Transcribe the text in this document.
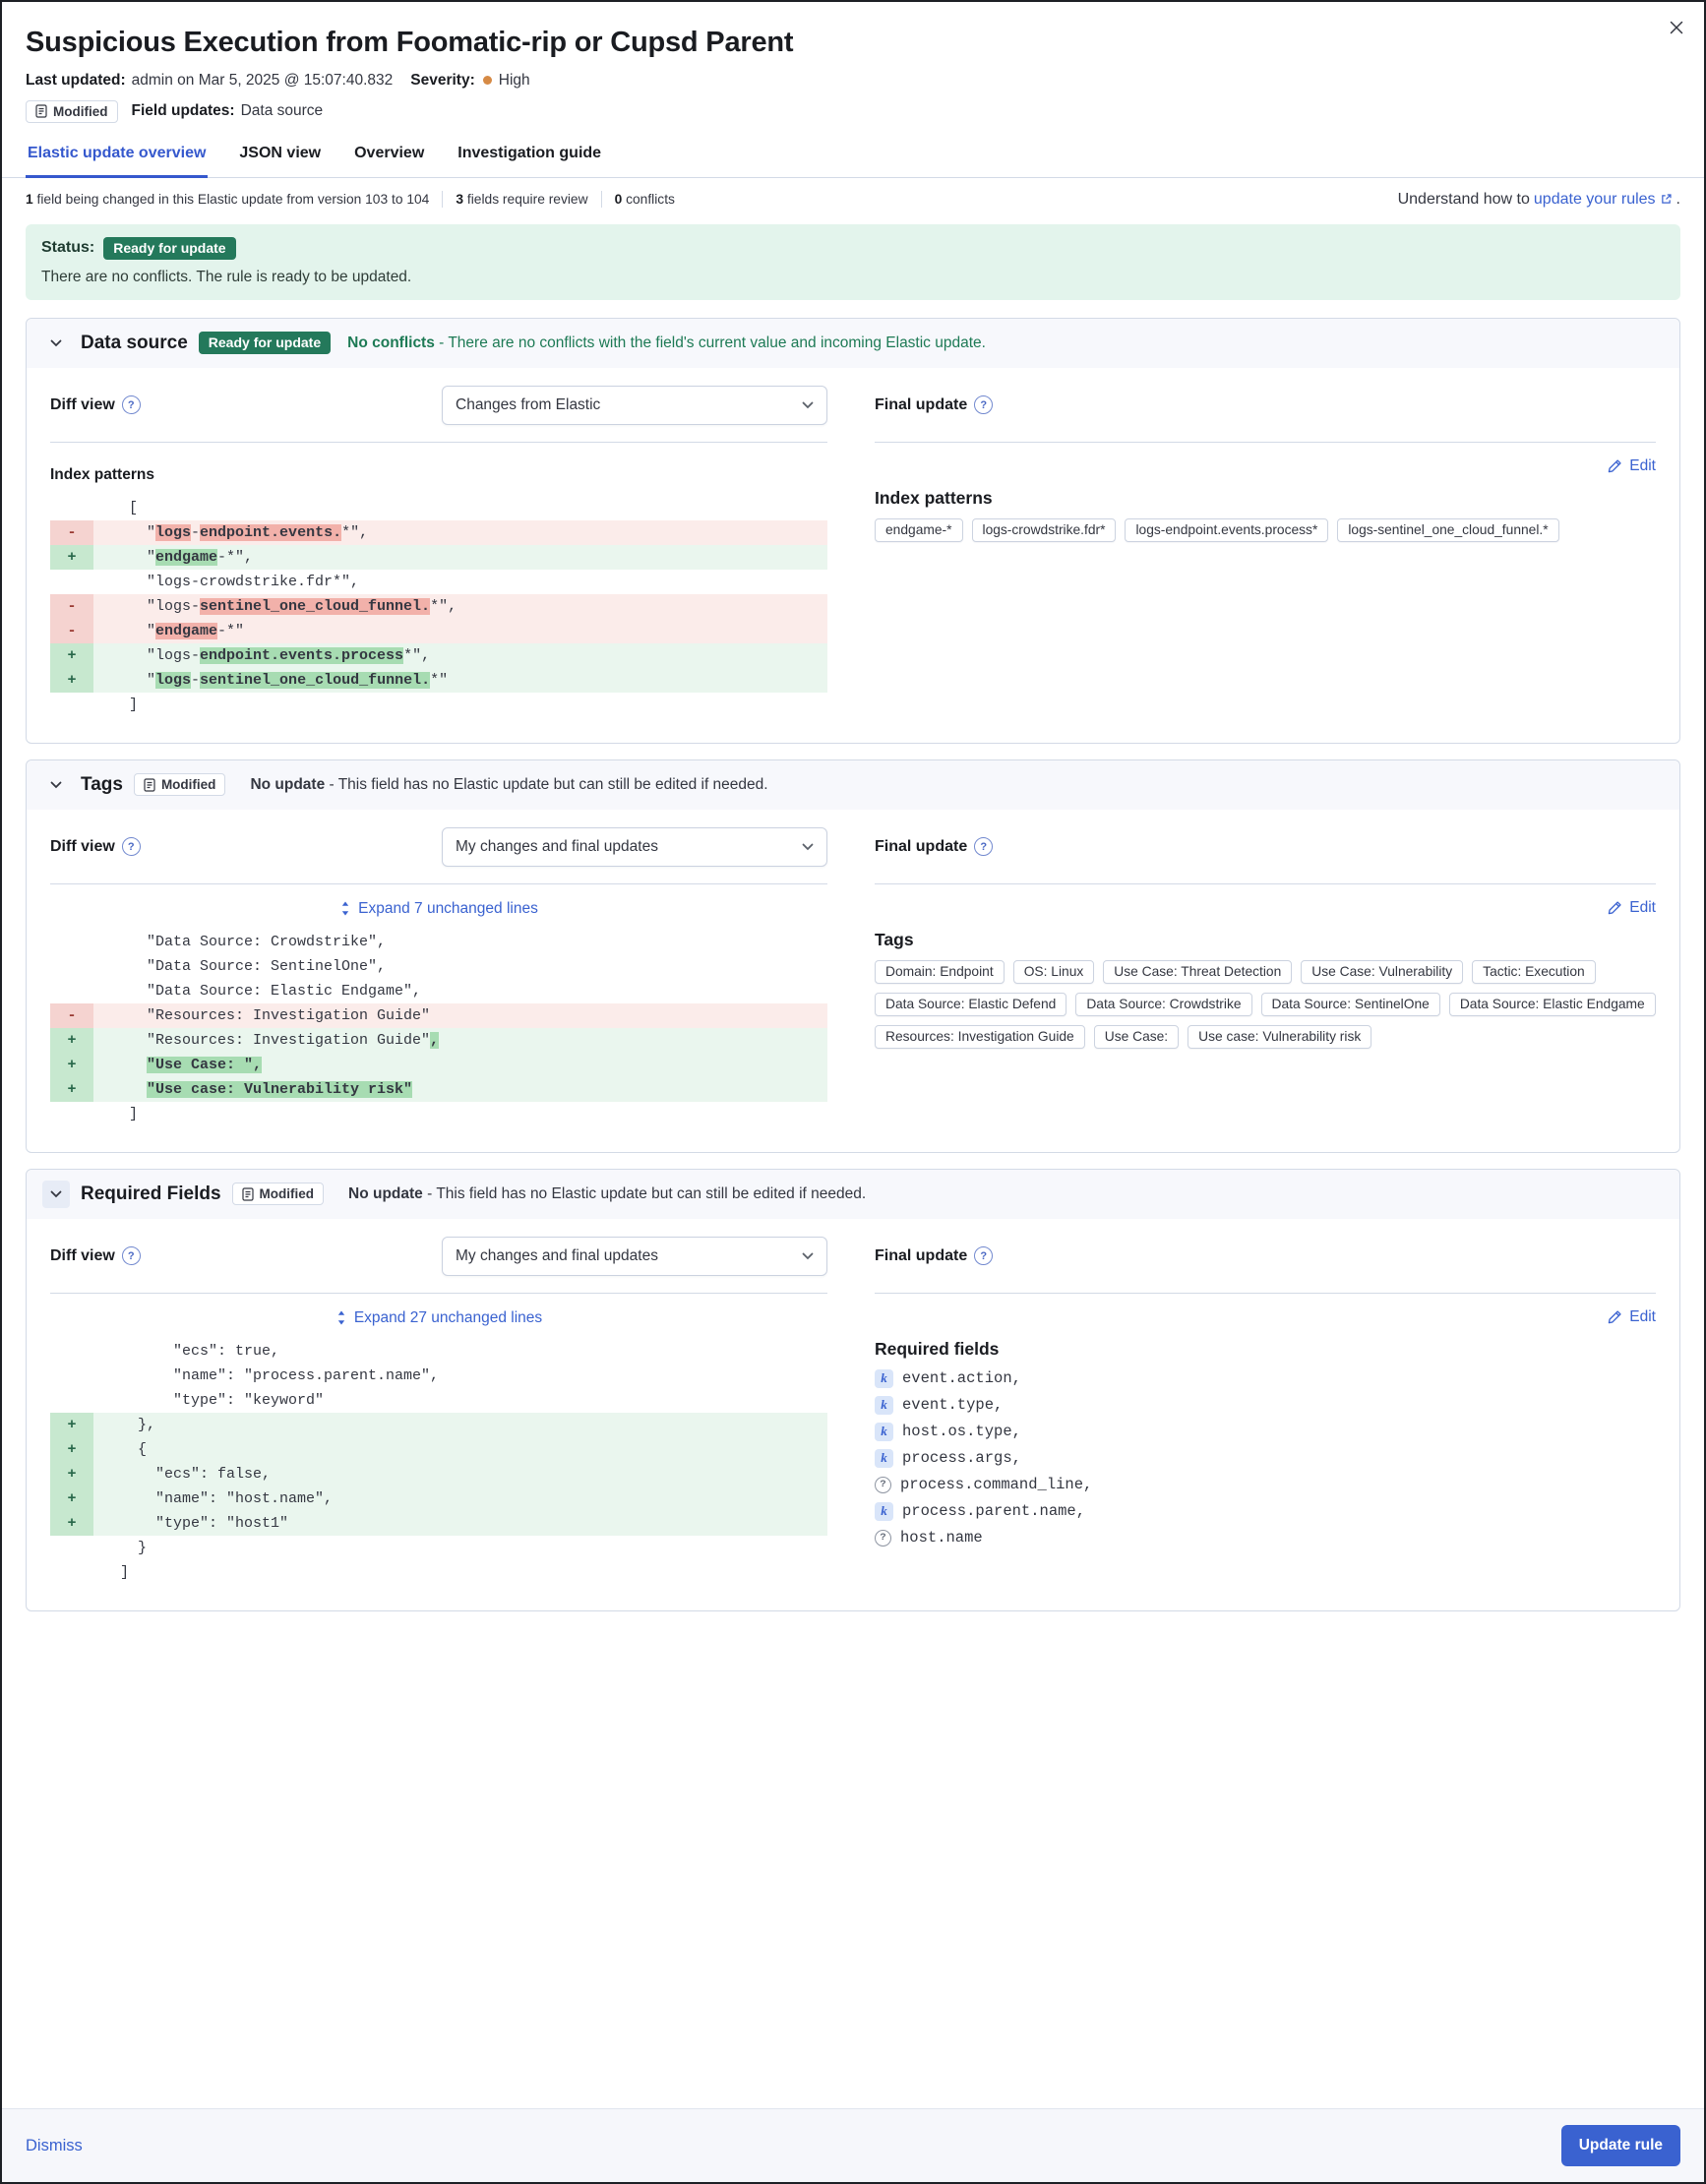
Suspicious Execution from Foomatic-rip or Cupsd Parent
Last updated: admin on Mar 5, 2025 @ 15:07:40.832 Severity: High
Modified Field updates: Data source
Elastic update overview JSON view Overview Investigation guide
1 field being changed in this Elastic update from version 103 to 104 3 fields require review 0 conflicts	Understand how to update your rules .
Status:	Ready for update

There are no conflicts. The rule is ready to be updated.

Data source	Ready for update	No conflicts - There are no conflicts with the field's current value and incoming Elastic update.
Diff view ?	Changes from Elastic
Index patterns
[
-	"logs-endpoint.events.*",
+	"endgame-*",
"logs-crowdstrike.fdr*",
-	"logs-sentinel_one_cloud_funnel.*",
-	"endgame-*"
+	"logs-endpoint.events.process*",
+	"logs-sentinel_one_cloud_funnel.*"
]
Final update
?
Edit
Index patterns
endgame-*	logs-crowdstrike.fdr*	logs-endpoint.events.process*	logs-sentinel_one_cloud_funnel.*
Tags	Modified No update - This field has no Elastic update but can still be edited if needed.
Diff view ?	My changes and final updates
Expand 7 unchanged lines
"Data Source: Crowdstrike",
"Data Source: SentinelOne",
"Data Source: Elastic Endgame",
-	"Resources: Investigation Guide"
+	"Resources: Investigation Guide",
+	"Use Case: ",
+	"Use case: Vulnerability risk"
]
Final update
?
Edit
Tags
Domain: Endpoint	OS: Linux	Use Case: Threat Detection	Use Case: Vulnerability	Tactic: Execution
Data Source: Elastic Defend	Data Source: Crowdstrike	Data Source: SentinelOne	Data Source: Elastic Endgame
Resources: Investigation Guide	Use Case:	Use case: Vulnerability risk
Required Fields	Modified No update - This field has no Elastic update but can still be edited if needed.
Diff view ?	My changes and final updates
Expand 27 unchanged lines
"ecs": true,
"name": "process.parent.name",
"type": "keyword"
+	},
+	{
+	"ecs": false,
+	"name": "host.name",
+	"type": "host1"
}
]
Final update
?
Edit
Required fields
k event.action,
k event.type,
k host.os.type,
k process.args,
? process.command_line,
k process.parent.name,
? host.name
Dismiss	Update rule
